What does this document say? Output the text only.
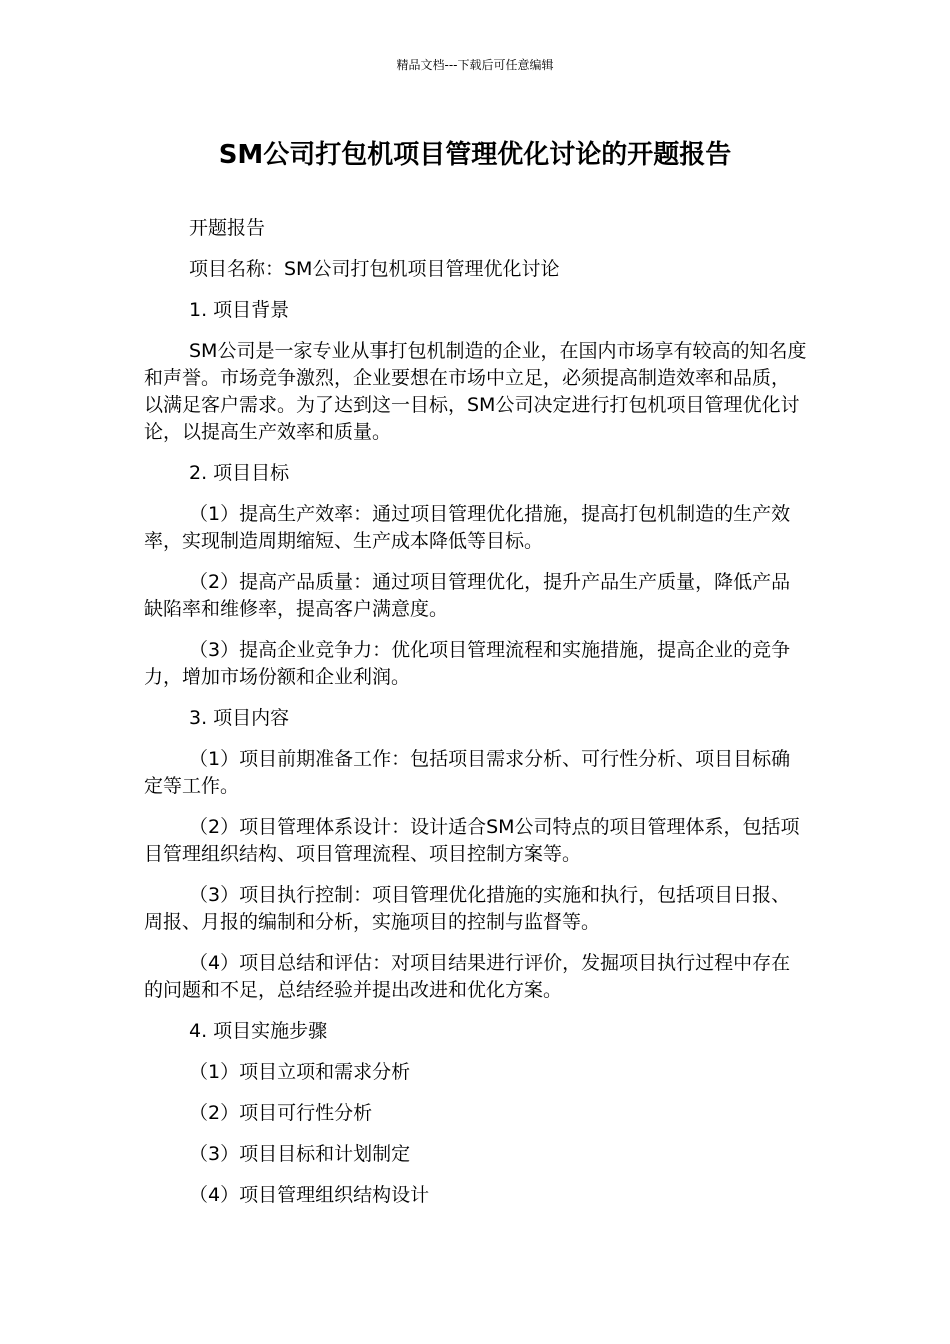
精品文档---下载后可任意编辑
SM公司打包机项目管理优化讨论的开题报告

开题报告

项目名称：SM公司打包机项目管理优化讨论

1. 项目背景

SM公司是一家专业从事打包机制造的企业，在国内市场享有较高的知名度和声誉。市场竞争激烈，企业要想在市场中立足，必须提高制造效率和品质，以满足客户需求。为了达到这一目标，SM公司决定进行打包机项目管理优化讨论，以提高生产效率和质量。

2. 项目目标

（1）提高生产效率：通过项目管理优化措施，提高打包机制造的生产效率，实现制造周期缩短、生产成本降低等目标。

（2）提高产品质量：通过项目管理优化，提升产品生产质量，降低产品缺陷率和维修率，提高客户满意度。

（3）提高企业竞争力：优化项目管理流程和实施措施，提高企业的竞争力，增加市场份额和企业利润。

3. 项目内容

（1）项目前期准备工作：包括项目需求分析、可行性分析、项目目标确定等工作。

（2）项目管理体系设计：设计适合SM公司特点的项目管理体系，包括项目管理组织结构、项目管理流程、项目控制方案等。

（3）项目执行控制：项目管理优化措施的实施和执行，包括项目日报、周报、月报的编制和分析，实施项目的控制与监督等。

（4）项目总结和评估：对项目结果进行评价，发掘项目执行过程中存在的问题和不足，总结经验并提出改进和优化方案。

4. 项目实施步骤

（1）项目立项和需求分析

（2）项目可行性分析

（3）项目目标和计划制定

（4）项目管理组织结构设计
